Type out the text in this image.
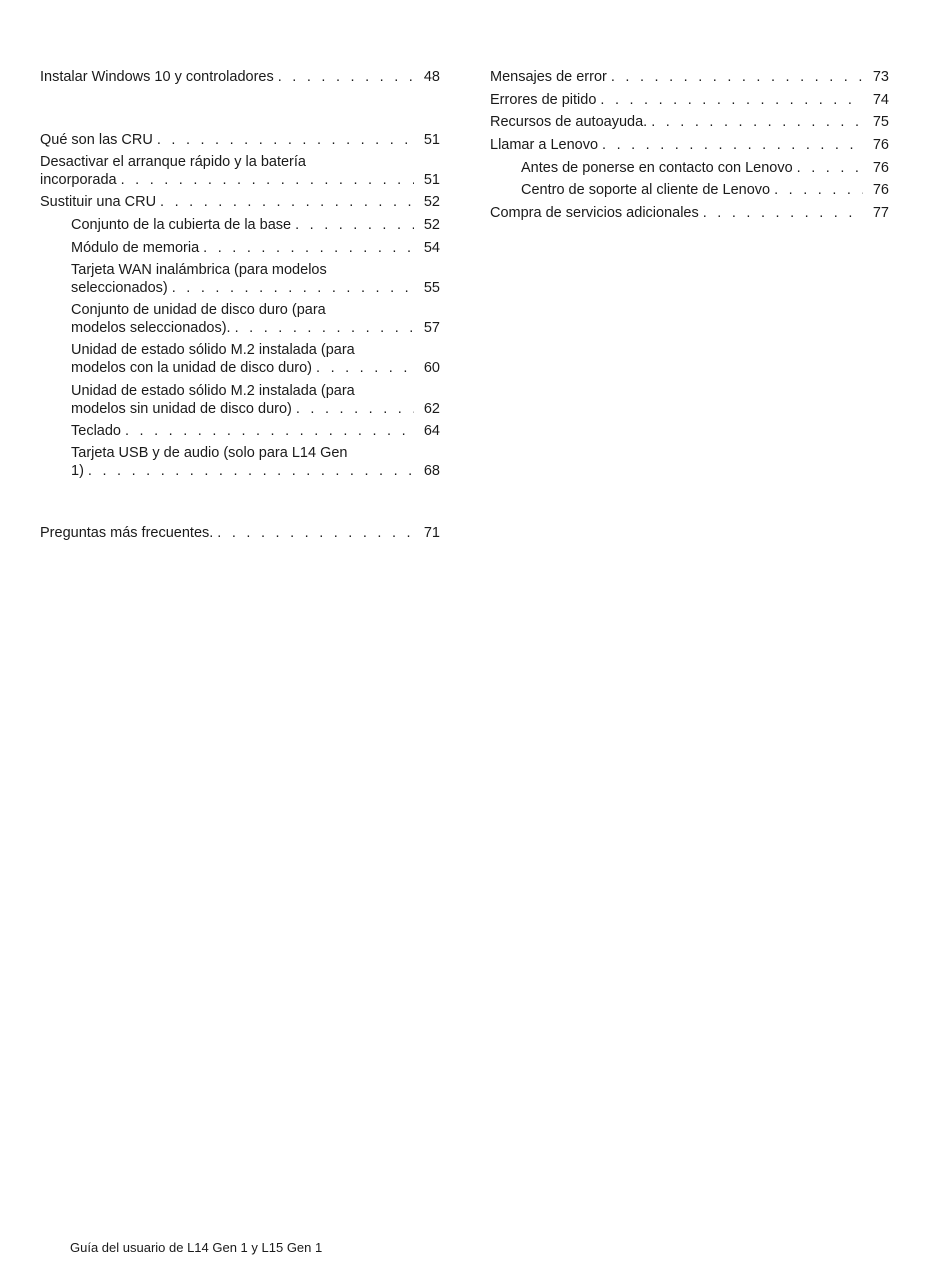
Instalar Windows 10 y controladores . . .	48
Qué son las CRU . . .	51
Desactivar el arranque rápido y la batería
incorporada . . .	51
Sustituir una CRU . . .	52
Conjunto de la cubierta de la base . . .	52
Módulo de memoria . . .	54
Tarjeta WAN inalámbrica (para modelos
seleccionados) . . .	55
Conjunto de unidad de disco duro (para
modelos seleccionados). . . .	57
Unidad de estado sólido M.2 instalada (para
modelos con la unidad de disco duro) . . .	60
Unidad de estado sólido M.2 instalada (para
modelos sin unidad de disco duro) . . .	62
Teclado . . .	64
Tarjeta USB y de audio (solo para L14 Gen
1) . . .	68
Preguntas más frecuentes. . . .	71
Mensajes de error . . .	73
Errores de pitido . . .	74
Recursos de autoayuda. . . .	75
Llamar a Lenovo . . .	76
Antes de ponerse en contacto con Lenovo . . .	76
Centro de soporte al cliente de Lenovo . . .	76
Compra de servicios adicionales . . .	77
Guía del usuario de L14 Gen 1 y L15 Gen 1
